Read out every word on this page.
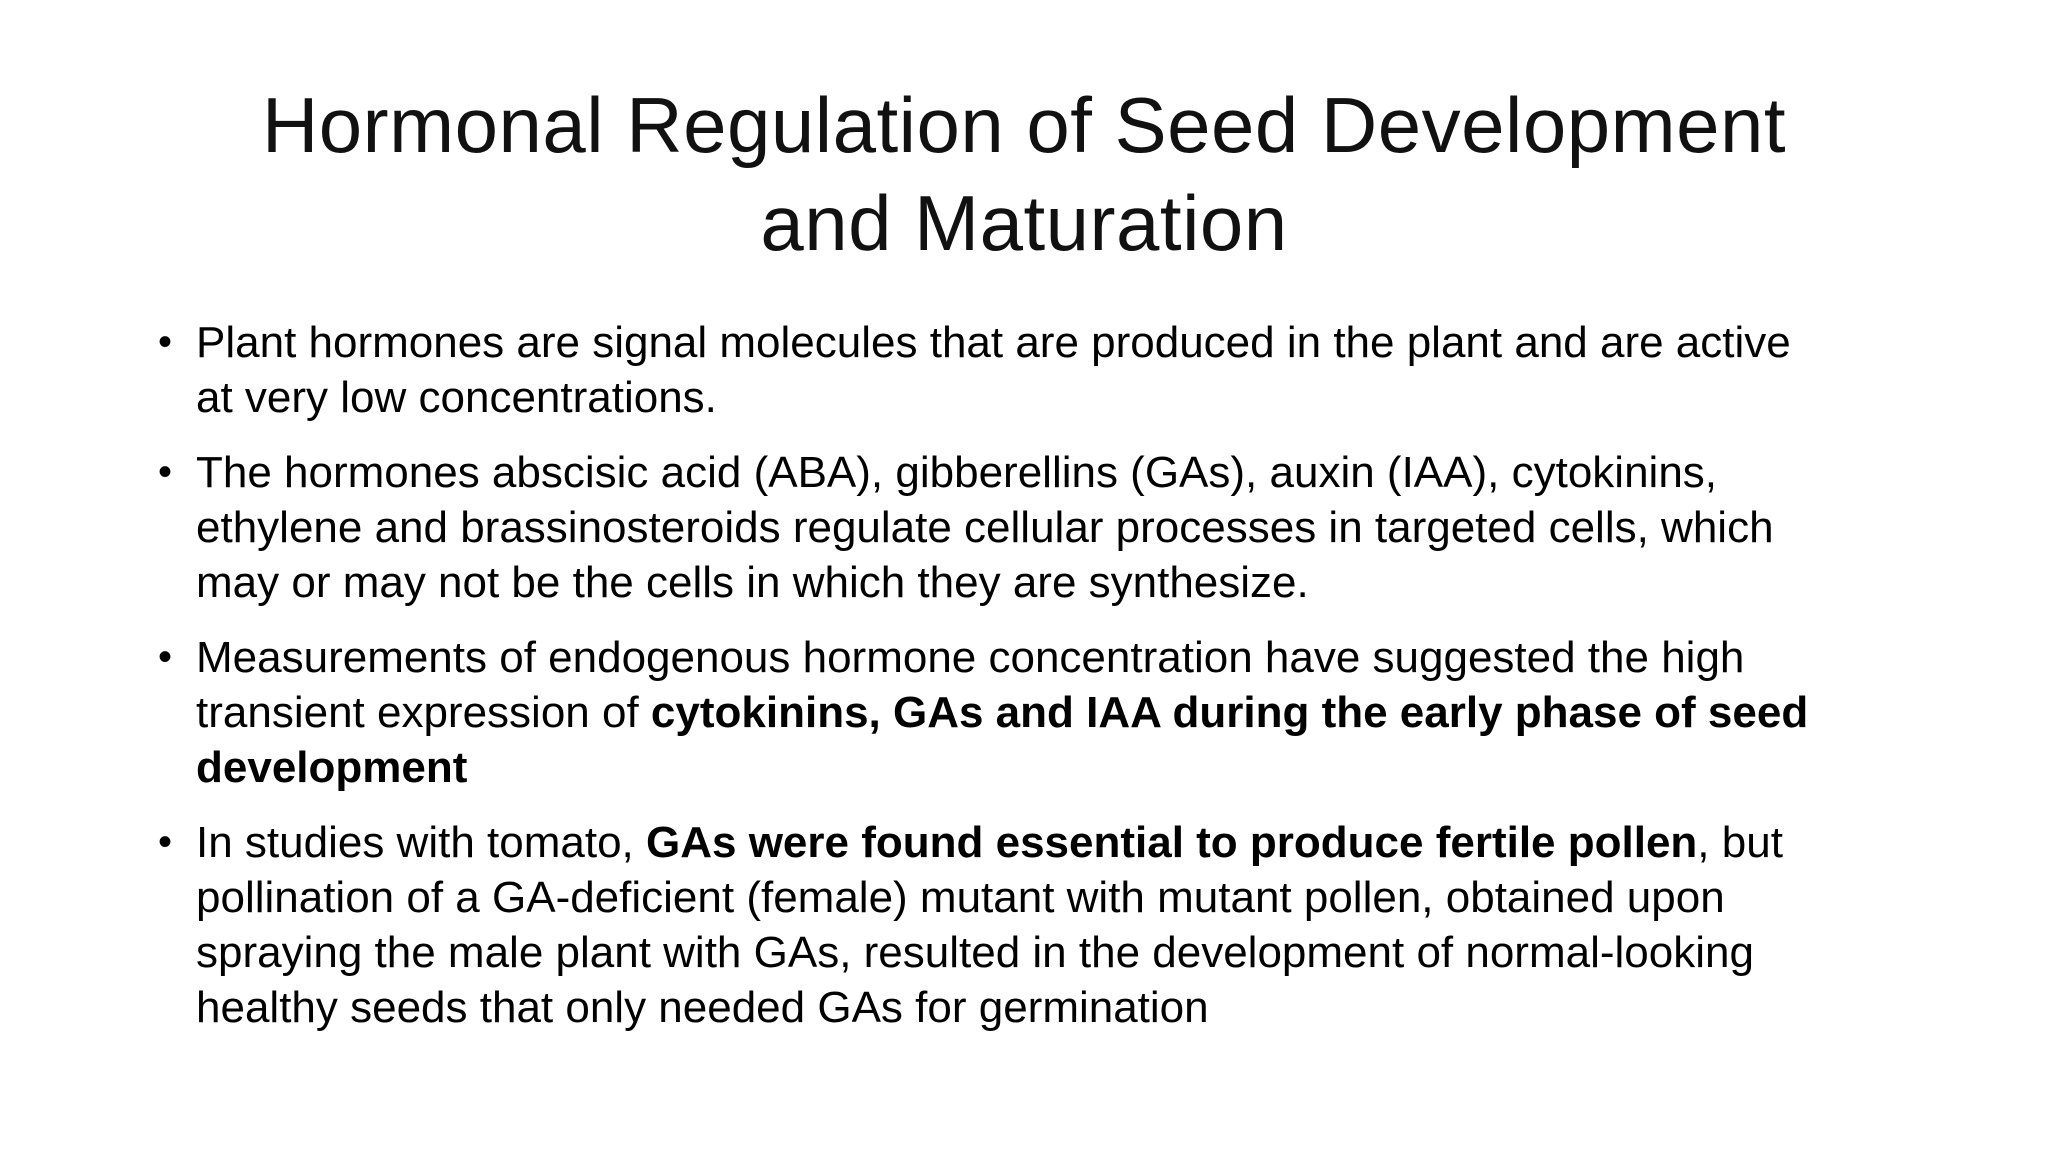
Hormonal Regulation of Seed Development
and Maturation
• Plant hormones are signal molecules that are produced in the plant and are active
at very low concentrations.
• The hormones abscisic acid (ABA), gibberellins (GAs), auxin (IAA), cytokinins,
ethylene and brassinosteroids regulate cellular processes in targeted cells, which
may or may not be the cells in which they are synthesize.
• Measurements of endogenous hormone concentration have suggested the high
transient expression of cytokinins, GAs and IAA during the early phase of seed
development
• In studies with tomato, GAs were found essential to produce fertile pollen, but
pollination of a GA-deficient (female) mutant with mutant pollen, obtained upon
spraying the male plant with GAs, resulted in the development of normal-looking
healthy seeds that only needed GAs for germination
